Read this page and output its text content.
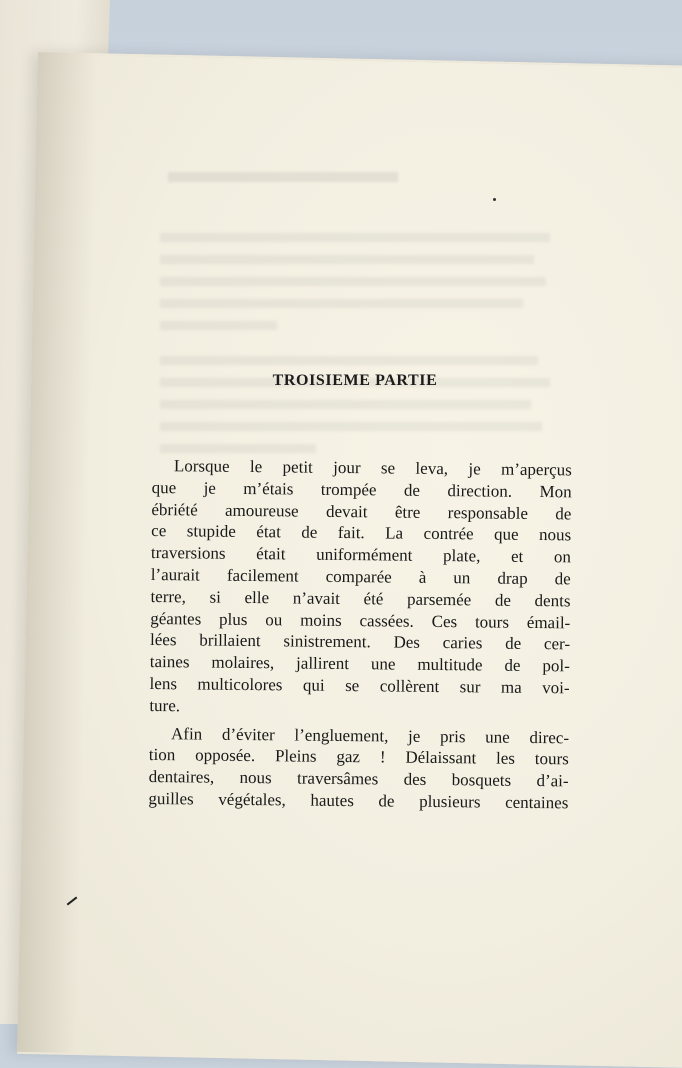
TROISIEME PARTIE
Lorsque le petit jour se leva, je m’aperçus
que je m’étais trompée de direction. Mon
ébriété amoureuse devait être responsable de
ce stupide état de fait. La contrée que nous
traversions était uniformément plate, et on
l’aurait facilement comparée à un drap de
terre, si elle n’avait été parsemée de dents
géantes plus ou moins cassées. Ces tours émail-
lées brillaient sinistrement. Des caries de cer-
taines molaires, jallirent une multitude de pol-
lens multicolores qui se collèrent sur ma voi-
ture.
Afin d’éviter l’engluement, je pris une direc-
tion opposée. Pleins gaz ! Délaissant les tours
dentaires, nous traversâmes des bosquets d’ai-
guilles végétales, hautes de plusieurs centaines
